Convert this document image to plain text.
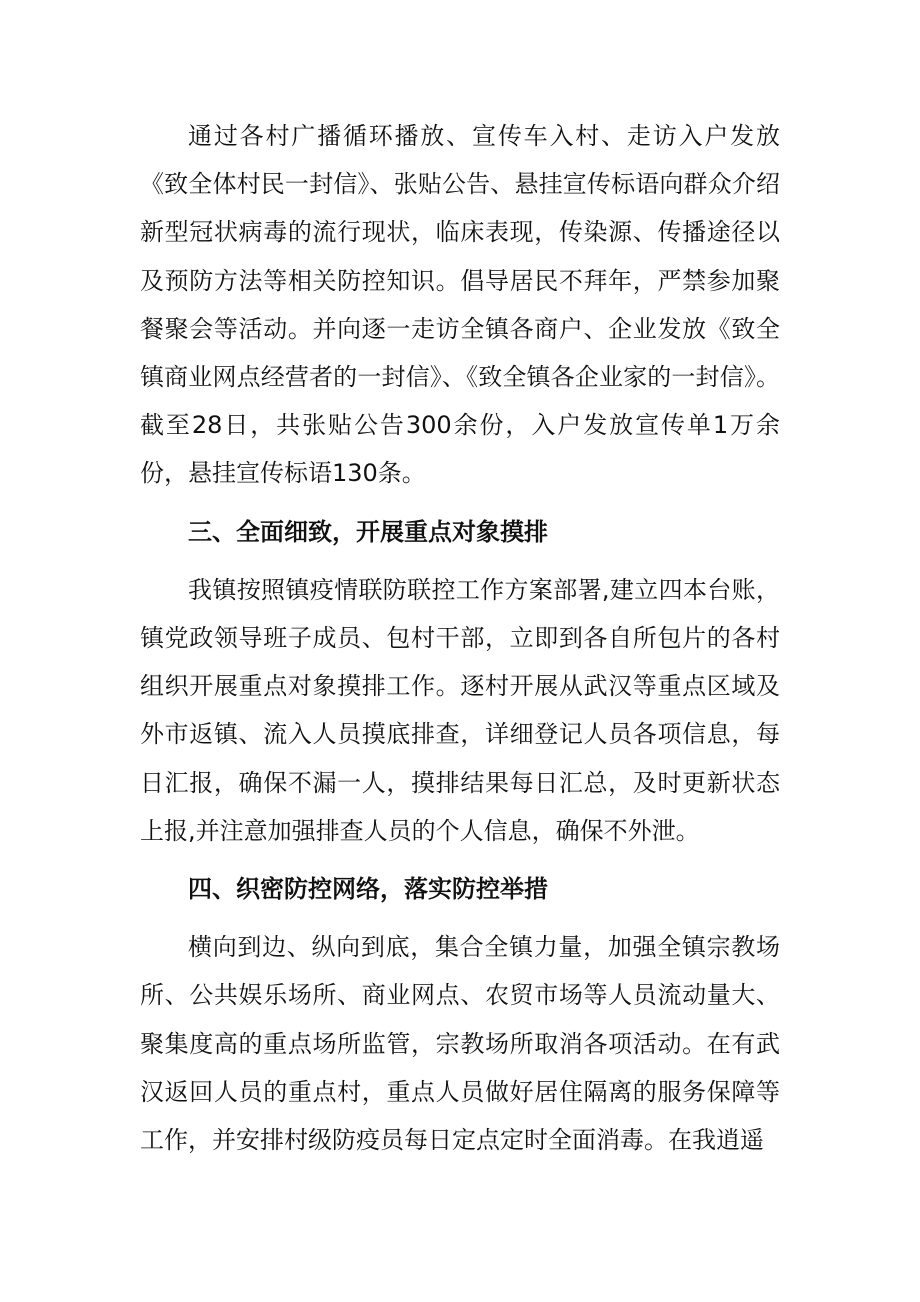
通过各村广播循环播放、宣传车入村、走访入户发放《致全体村民一封信》、张贴公告、悬挂宣传标语向群众介绍新型冠状病毒的流行现状，临床表现，传染源、传播途径以及预防方法等相关防控知识。倡导居民不拜年，严禁参加聚餐聚会等活动。并向逐一走访全镇各商户、企业发放《致全镇商业网点经营者的一封信》、《致全镇各企业家的一封信》。截至28日，共张贴公告300余份，入户发放宣传单1万余份，悬挂宣传标语130条。

三、全面细致，开展重点对象摸排

我镇按照镇疫情联防联控工作方案部署,建立四本台账，镇党政领导班子成员、包村干部，立即到各自所包片的各村组织开展重点对象摸排工作。逐村开展从武汉等重点区域及外市返镇、流入人员摸底排查，详细登记人员各项信息，每日汇报，确保不漏一人，摸排结果每日汇总，及时更新状态上报,并注意加强排查人员的个人信息，确保不外泄。

四、织密防控网络，落实防控举措

横向到边、纵向到底，集合全镇力量，加强全镇宗教场所、公共娱乐场所、商业网点、农贸市场等人员流动量大、聚集度高的重点场所监管，宗教场所取消各项活动。在有武汉返回人员的重点村，重点人员做好居住隔离的服务保障等工作，并安排村级防疫员每日定点定时全面消毒。在我逍遥
